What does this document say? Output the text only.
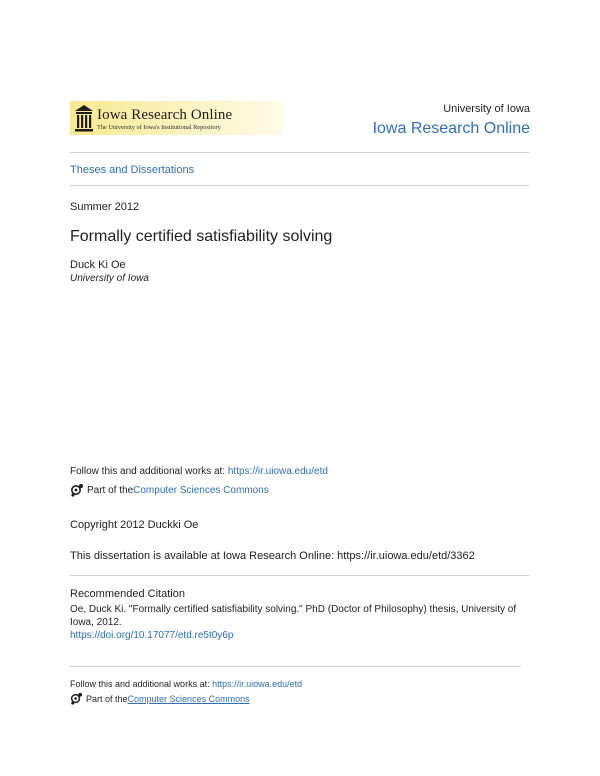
Iowa Research Online
The University of Iowa's Institutional Repository
University of Iowa
Iowa Research Online
Theses and Dissertations
Summer 2012
Formally certified satisfiability solving
Duck Ki Oe
University of Iowa
Follow this and additional works at: https://ir.uiowa.edu/etd
Part of the Computer Sciences Commons
Copyright 2012 Duckki Oe
This dissertation is available at Iowa Research Online: https://ir.uiowa.edu/etd/3362
Recommended Citation
Oe, Duck Ki. "Formally certified satisfiability solving." PhD (Doctor of Philosophy) thesis, University of Iowa, 2012.
https://doi.org/10.17077/etd.re5t0y6p
Follow this and additional works at: https://ir.uiowa.edu/etd
Part of the Computer Sciences Commons
